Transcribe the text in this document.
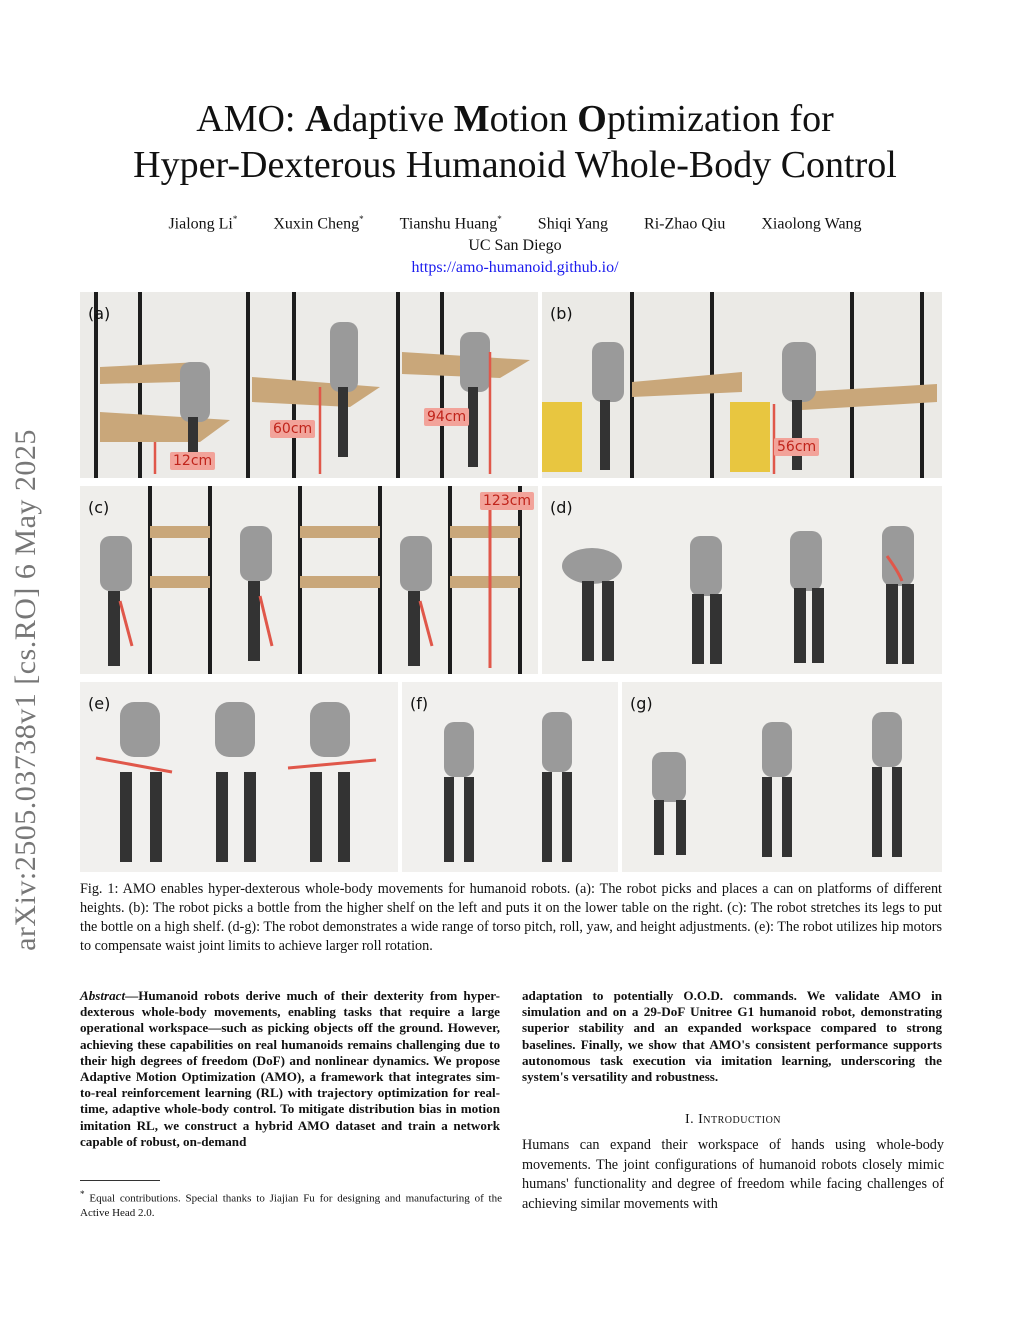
arXiv:2505.03738v1 [cs.RO] 6 May 2025
AMO: Adaptive Motion Optimization for
Hyper-Dexterous Humanoid Whole-Body Control
Jialong Li* Xuxin Cheng* Tianshu Huang* Shiqi Yang Ri-Zhao Qiu Xiaolong Wang
UC San Diego
https://amo-humanoid.github.io/
(a)
12cm
60cm
94cm
(b)
56cm
(c)	123cm (d)
(e)	(f)	(g)
Fig. 1: AMO enables hyper-dexterous whole-body movements for humanoid robots. (a): The robot picks and places a can on platforms of different heights. (b): The robot picks a bottle from the higher shelf on the left and puts it on the lower table on the right. (c): The robot stretches its legs to put the bottle on a high shelf. (d-g): The robot demonstrates a wide range of torso pitch, roll, yaw, and height adjustments. (e): The robot utilizes hip motors to compensate waist joint limits to achieve larger roll rotation.
Abstract—Humanoid robots derive much of their dexterity from hyper-dexterous whole-body movements, enabling tasks that require a large operational workspace—such as picking objects off the ground. However, achieving these capabilities on real humanoids remains challenging due to their high degrees of freedom (DoF) and nonlinear dynamics. We propose Adaptive Motion Optimization (AMO), a framework that integrates sim-to-real reinforcement learning (RL) with trajectory optimization for real-time, adaptive whole-body control. To mitigate distribution bias in motion imitation RL, we construct a hybrid AMO dataset and train a network capable of robust, on-demand
adaptation to potentially O.O.D. commands. We validate AMO in simulation and on a 29-DoF Unitree G1 humanoid robot, demonstrating superior stability and an expanded workspace compared to strong baselines. Finally, we show that AMO's consistent performance supports autonomous task execution via imitation learning, underscoring the system's versatility and robustness.
I. Introduction
Humans can expand their workspace of hands using whole-body movements. The joint configurations of humanoid robots closely mimic humans' functionality and degree of freedom while facing challenges of achieving similar movements with
* Equal contributions. Special thanks to Jiajian Fu for designing and manufacturing of the Active Head 2.0.
